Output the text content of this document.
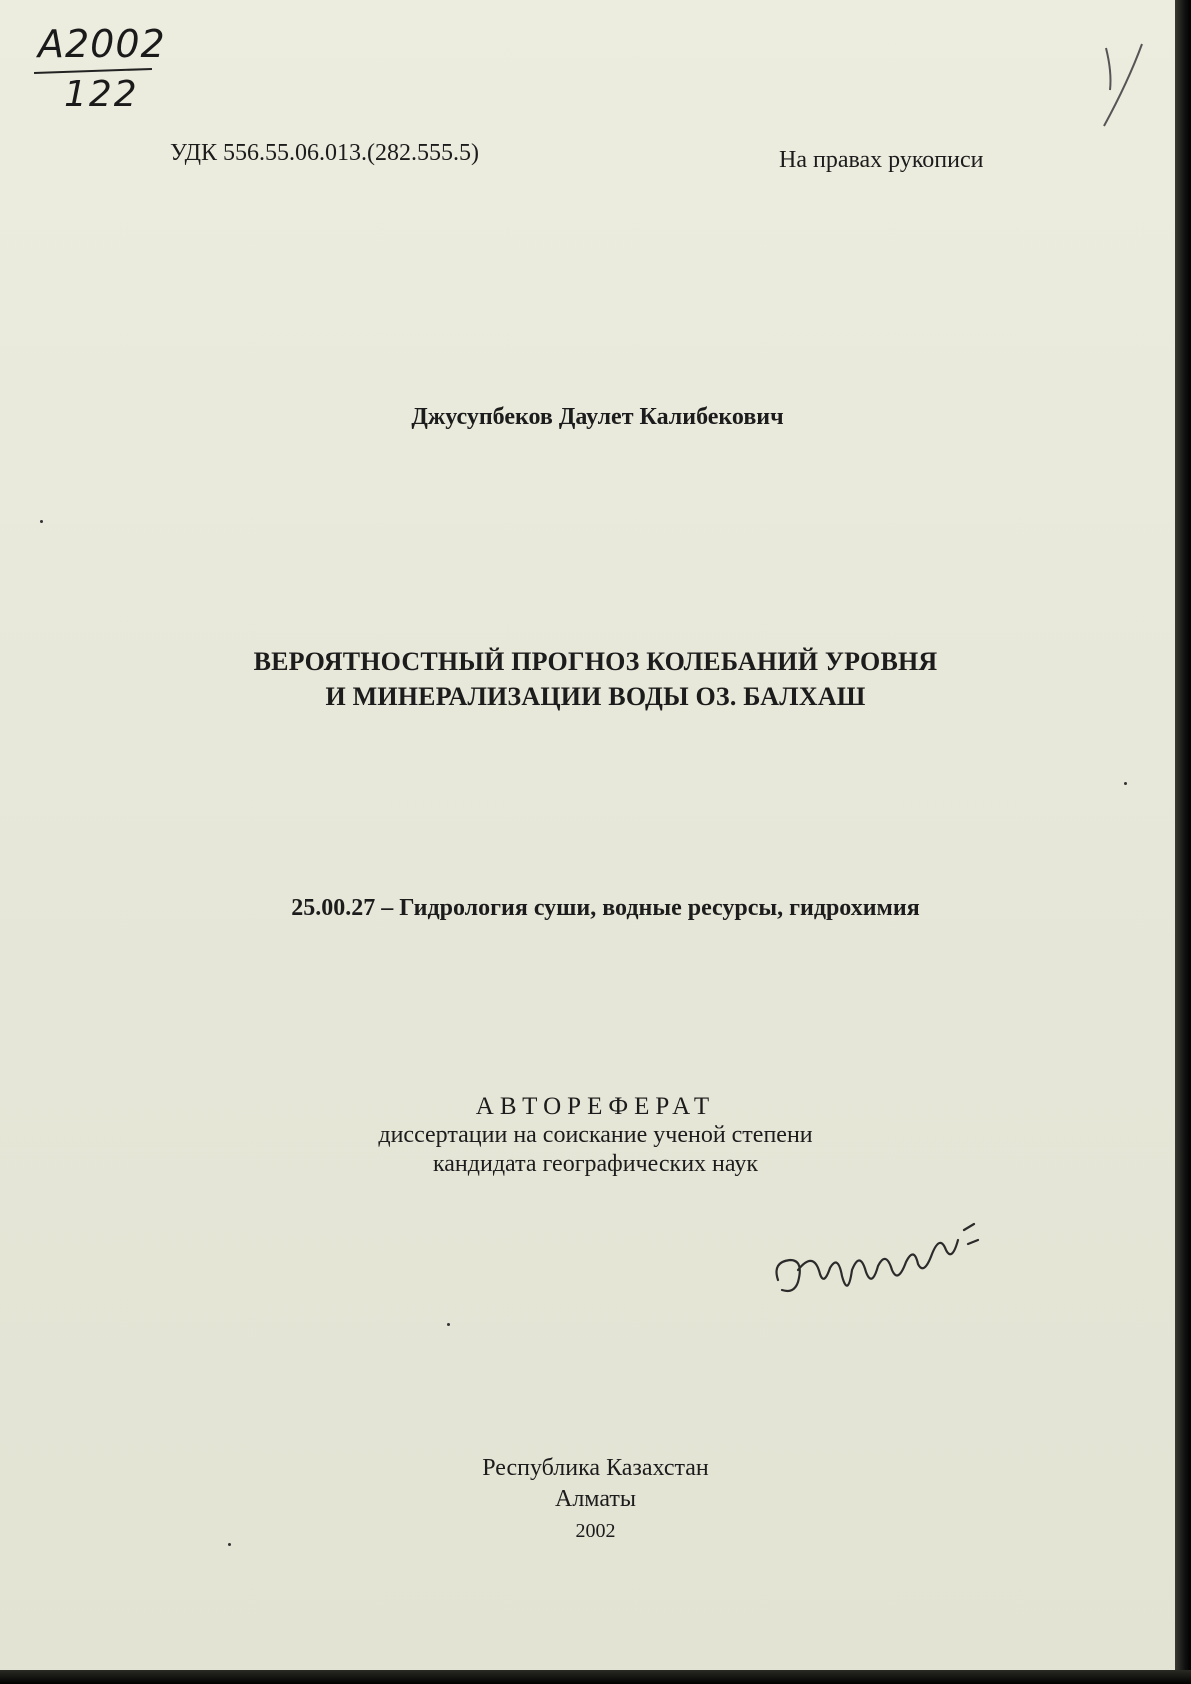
A2002
122
УДК 556.55.06.013.(282.555.5)	На правах рукописи
Джусупбеков Даулет Калибекович
ВЕРОЯТНОСТНЫЙ ПРОГНОЗ КОЛЕБАНИЙ УРОВНЯ
И МИНЕРАЛИЗАЦИИ ВОДЫ ОЗ. БАЛХАШ
25.00.27 – Гидрология суши, водные ресурсы, гидрохимия
АВТОРЕФЕРАТ
диссертации на соискание ученой степени
кандидата географических наук
Республика Казахстан
Алматы
2002
